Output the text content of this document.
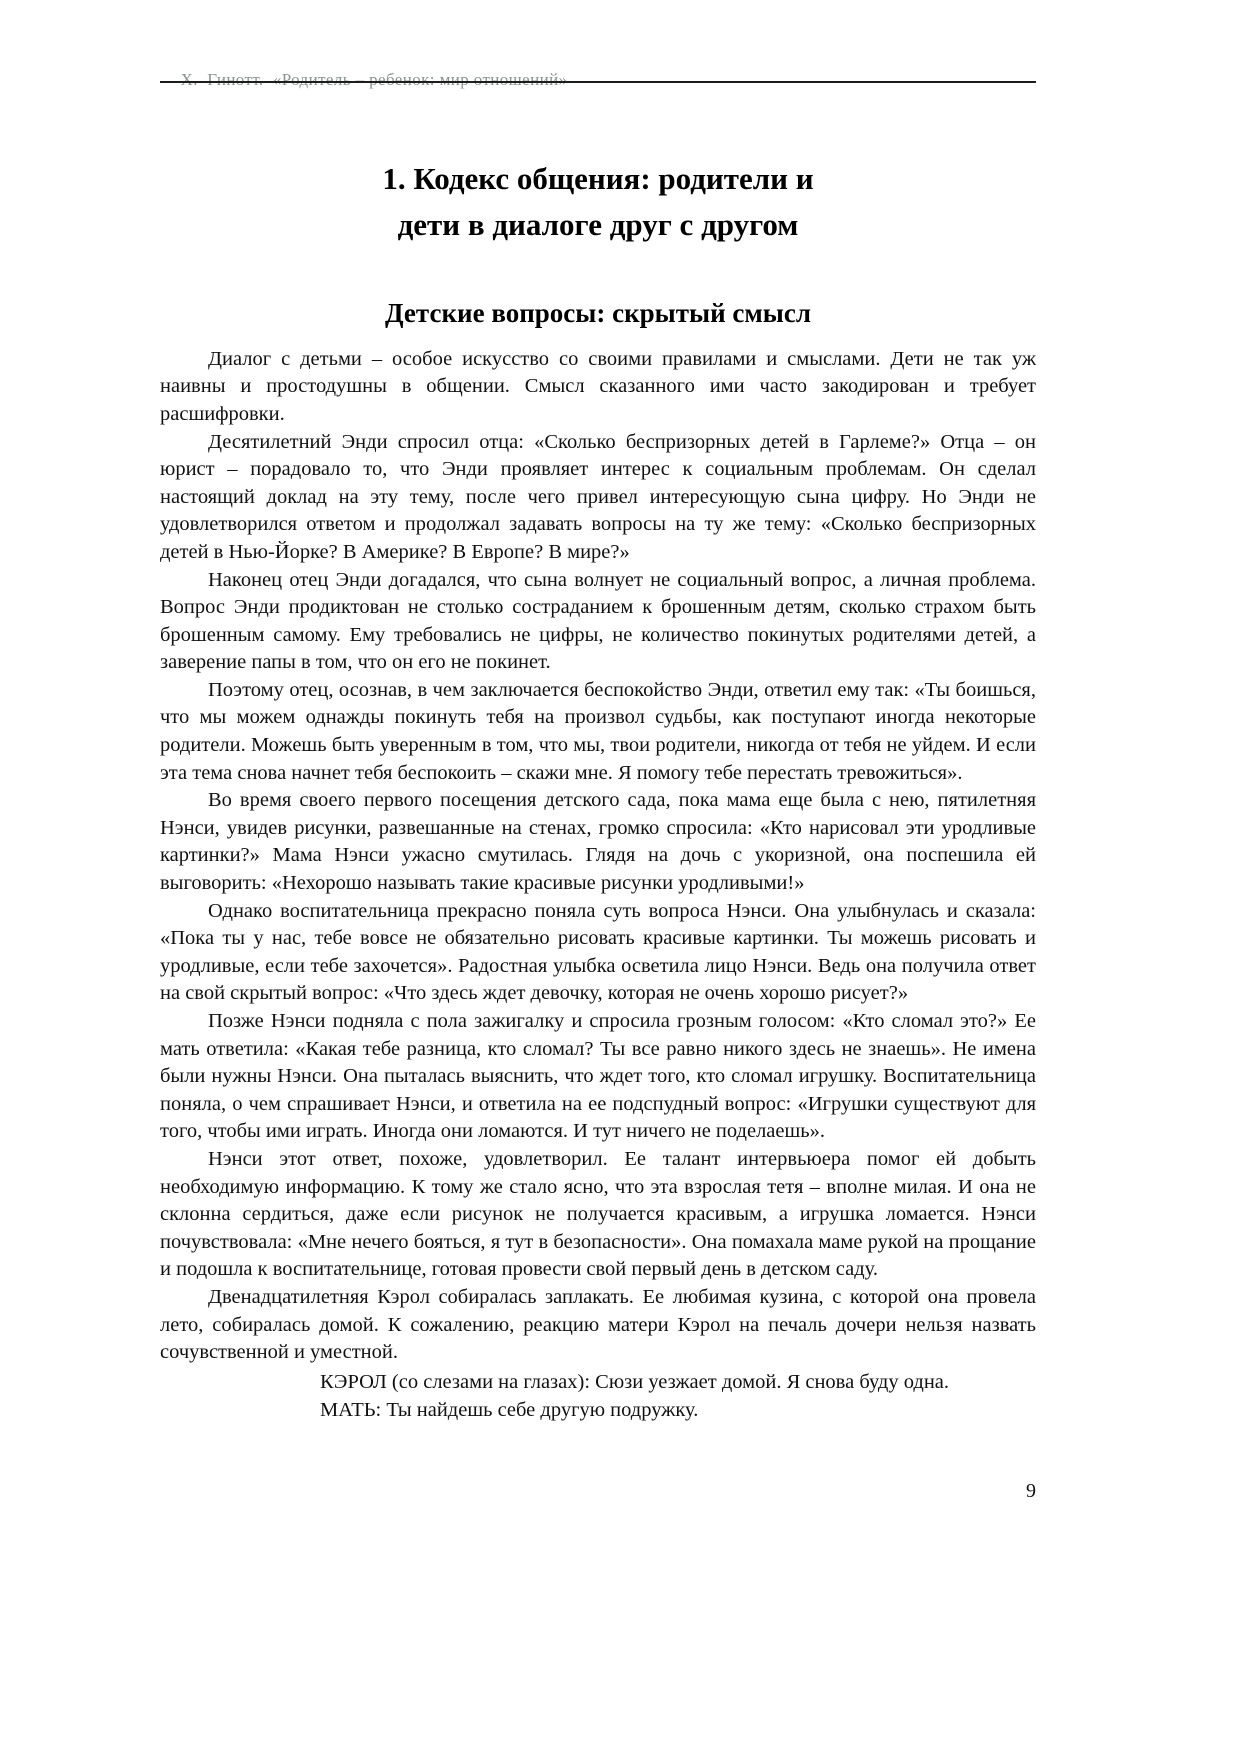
Х.  Гинотт.  «Родитель – ребенок: мир отношений»

1. Кодекс общения: родители и
дети в диалоге друг с другом
Детские вопросы: скрытый смысл

Диалог с детьми – особое искусство со своими правилами и смыслами. Дети не так уж наивны и простодушны в общении. Смысл сказанного ими часто закодирован и требует расшифровки.

Десятилетний Энди спросил отца: «Сколько беспризорных детей в Гарлеме?» Отца – он юрист – порадовало то, что Энди проявляет интерес к социальным проблемам. Он сделал настоящий доклад на эту тему, после чего привел интересующую сына цифру. Но Энди не удовлетворился ответом и продолжал задавать вопросы на ту же тему: «Сколько беспризорных детей в Нью-Йорке? В Америке? В Европе? В мире?»

Наконец отец Энди догадался, что сына волнует не социальный вопрос, а личная проблема. Вопрос Энди продиктован не столько состраданием к брошенным детям, сколько страхом быть брошенным самому. Ему требовались не цифры, не количество покинутых родителями детей, а заверение папы в том, что он его не покинет.

Поэтому отец, осознав, в чем заключается беспокойство Энди, ответил ему так: «Ты боишься, что мы можем однажды покинуть тебя на произвол судьбы, как поступают иногда некоторые родители. Можешь быть уверенным в том, что мы, твои родители, никогда от тебя не уйдем. И если эта тема снова начнет тебя беспокоить – скажи мне. Я помогу тебе перестать тревожиться».

Во время своего первого посещения детского сада, пока мама еще была с нею, пятилетняя Нэнси, увидев рисунки, развешанные на стенах, громко спросила: «Кто нарисовал эти уродливые картинки?» Мама Нэнси ужасно смутилась. Глядя на дочь с укоризной, она поспешила ей выговорить: «Нехорошо называть такие красивые рисунки уродливыми!»

Однако воспитательница прекрасно поняла суть вопроса Нэнси. Она улыбнулась и сказала: «Пока ты у нас, тебе вовсе не обязательно рисовать красивые картинки. Ты можешь рисовать и уродливые, если тебе захочется». Радостная улыбка осветила лицо Нэнси. Ведь она получила ответ на свой скрытый вопрос: «Что здесь ждет девочку, которая не очень хорошо рисует?»

Позже Нэнси подняла с пола зажигалку и спросила грозным голосом: «Кто сломал это?» Ее мать ответила: «Какая тебе разница, кто сломал? Ты все равно никого здесь не знаешь». Не имена были нужны Нэнси. Она пыталась выяснить, что ждет того, кто сломал игрушку. Воспитательница поняла, о чем спрашивает Нэнси, и ответила на ее подспудный вопрос: «Игрушки существуют для того, чтобы ими играть. Иногда они ломаются. И тут ничего не поделаешь».

Нэнси этот ответ, похоже, удовлетворил. Ее талант интервьюера помог ей добыть необходимую информацию. К тому же стало ясно, что эта взрослая тетя – вполне милая. И она не склонна сердиться, даже если рисунок не получается красивым, а игрушка ломается. Нэнси почувствовала: «Мне нечего бояться, я тут в безопасности». Она помахала маме рукой на прощание и подошла к воспитательнице, готовая провести свой первый день в детском саду.

Двенадцатилетняя Кэрол собиралась заплакать. Ее любимая кузина, с которой она провела лето, собиралась домой. К сожалению, реакцию матери Кэрол на печаль дочери нельзя назвать сочувственной и уместной.

КЭРОЛ (со слезами на глазах): Сюзи уезжает домой. Я снова буду одна.

МАТЬ: Ты найдешь себе другую подружку.

9
